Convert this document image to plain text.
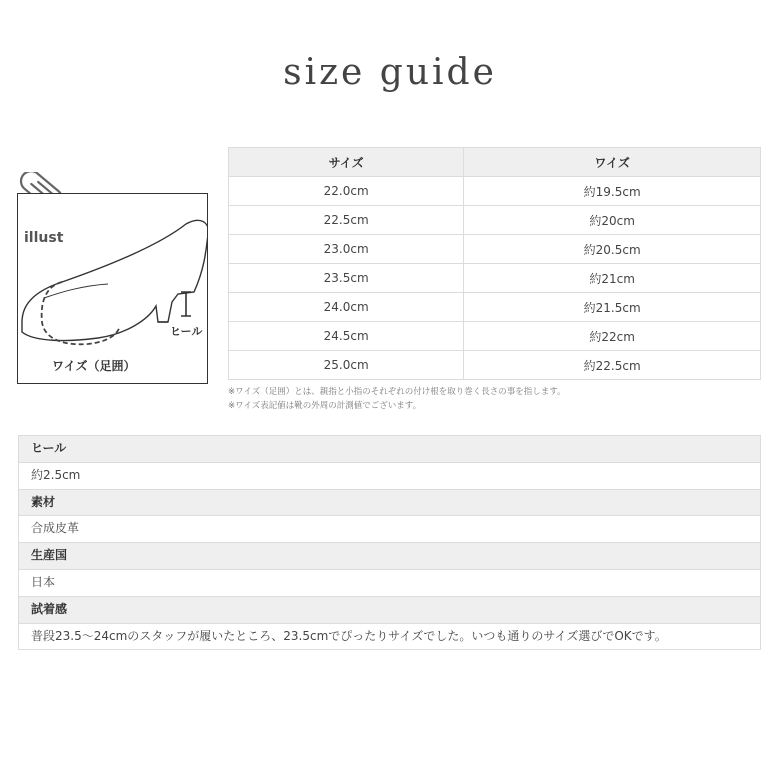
size guide
illust
ヒール
ワイズ（足囲）
サイズ	ワイズ
22.0cm	約19.5cm
22.5cm	約20cm
23.0cm	約20.5cm
23.5cm	約21cm
24.0cm	約21.5cm
24.5cm	約22cm
25.0cm	約22.5cm
※ワイズ（足囲）とは、親指と小指のそれぞれの付け根を取り巻く長さの事を指します。
※ワイズ表記値は靴の外周の計測値でございます。
ヒール
約2.5cm
素材
合成皮革
生産国
日本
試着感
普段23.5〜24cmのスタッフが履いたところ、23.5cmでぴったりサイズでした。いつも通りのサイズ選びでOKです。
